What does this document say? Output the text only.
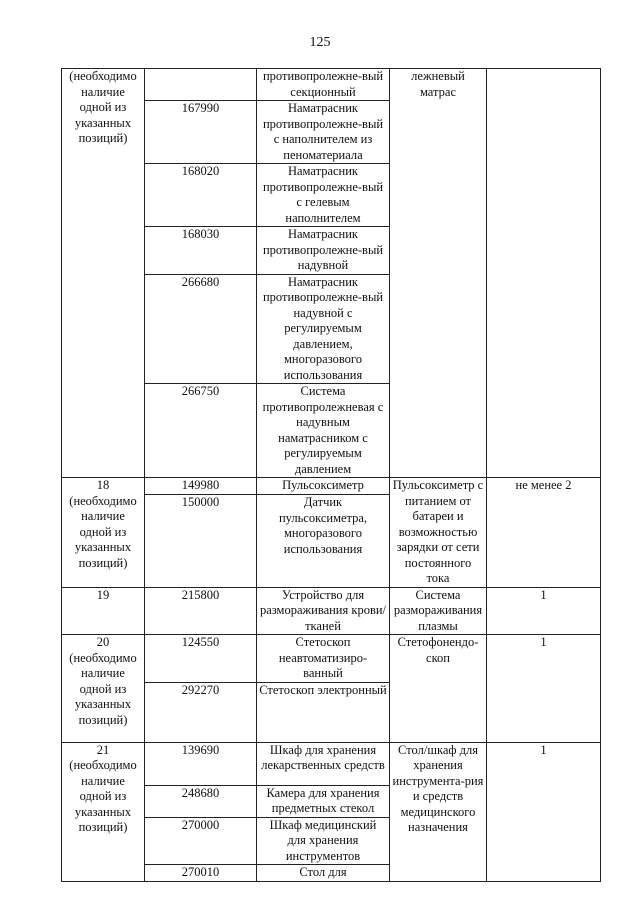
125
(необходимо наличие одной из указанных позиций)		противопролежне-вый секционный	лежневый матрас	
	167990	Наматрасник противопролежне-вый с наполнителем из пеноматериала		
	168020	Наматрасник противопролежне-вый с гелевым наполнителем		
	168030	Наматрасник противопролежне-вый надувной		
	266680	Наматрасник противопролежне-вый надувной с регулируемым давлением, многоразового использования		
	266750	Система противопролежневая с надувным наматрасником с регулируемым давлением		
18 (необходимо наличие одной из указанных позиций)	149980	Пульсоксиметр	Пульсоксиметр с питанием от батареи и возможностью зарядки от сети постоянного тока	не менее 2
	150000	Датчик пульсоксиметра, многоразового использования		
19	215800	Устройство для размораживания крови/тканей	Система размораживания плазмы	1
20 (необходимо наличие одной из указанных позиций)	124550	Стетоскоп неавтоматизиро-ванный	Стетофонендо-скоп	1
	292270	Стетоскоп электронный		
21 (необходимо наличие одной из указанных позиций)	139690	Шкаф для хранения лекарственных средств	Стол/шкаф для хранения инструмента-рия и средств медицинского назначения	1
	248680	Камера для хранения предметных стекол		
	270000	Шкаф медицинский для хранения инструментов		
	270010	Стол для		
